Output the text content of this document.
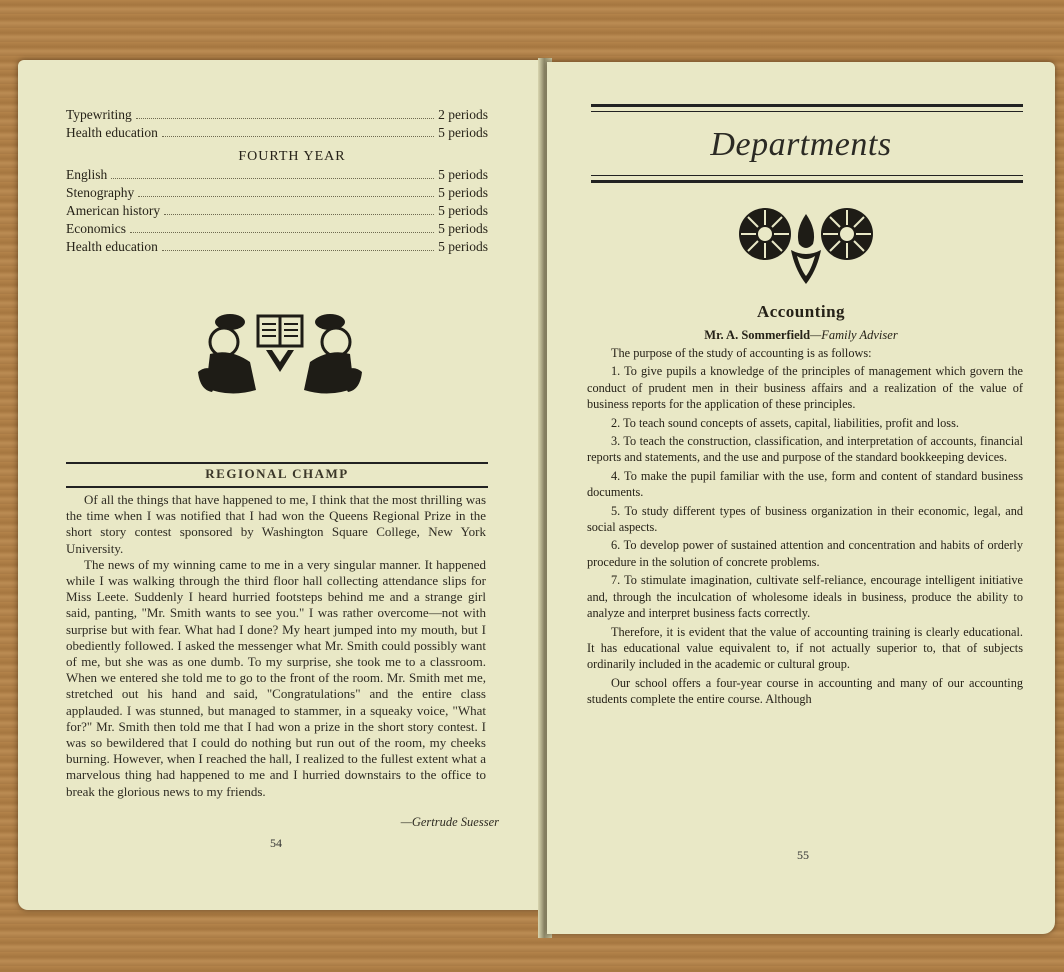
Typewriting	2 periods
Health education	5 periods
FOURTH YEAR
English	5 periods
Stenography	5 periods
American history	5 periods
Economics	5 periods
Health education	5 periods
REGIONAL CHAMP

Of all the things that have happened to me, I think that the most thrilling was the time when I was notified that I had won the Queens Regional Prize in the short story contest sponsored by Washington Square College, New York University.

The news of my winning came to me in a very singular manner. It happened while I was walking through the third floor hall collecting attendance slips for Miss Leete. Suddenly I heard hurried footsteps behind me and a strange girl said, panting, "Mr. Smith wants to see you." I was rather overcome—not with surprise but with fear. What had I done? My heart jumped into my mouth, but I obediently followed. I asked the messenger what Mr. Smith could possibly want of me, but she was as one dumb. To my surprise, she took me to a classroom. When we entered she told me to go to the front of the room. Mr. Smith met me, stretched out his hand and said, "Congratulations" and the entire class applauded. I was stunned, but managed to stammer, in a squeaky voice, "What for?" Mr. Smith then told me that I had won a prize in the short story contest. I was so bewildered that I could do nothing but run out of the room, my cheeks burning. However, when I reached the hall, I realized to the fullest extent what a marvelous thing had happened to me and I hurried downstairs to the office to break the glorious news to my friends.

—Gertrude Suesser
54
Departments
Accounting
Mr. A. Sommerfield—Family Adviser

The purpose of the study of accounting is as follows:

1. To give pupils a knowledge of the principles of management which govern the conduct of prudent men in their business affairs and a realization of the value of business reports for the application of these principles.

2. To teach sound concepts of assets, capital, liabilities, profit and loss.

3. To teach the construction, classification, and interpretation of accounts, financial reports and statements, and the use and purpose of the standard bookkeeping devices.

4. To make the pupil familiar with the use, form and content of standard business documents.

5. To study different types of business organization in their economic, legal, and social aspects.

6. To develop power of sustained attention and concentration and habits of orderly procedure in the solution of concrete problems.

7. To stimulate imagination, cultivate self-reliance, encourage intelligent initiative and, through the inculcation of wholesome ideals in business, produce the ability to analyze and interpret business facts correctly.

Therefore, it is evident that the value of accounting training is clearly educational. It has educational value equivalent to, if not actually superior to, that of subjects ordinarily included in the academic or cultural group.

Our school offers a four-year course in accounting and many of our accounting students complete the entire course. Although

55
